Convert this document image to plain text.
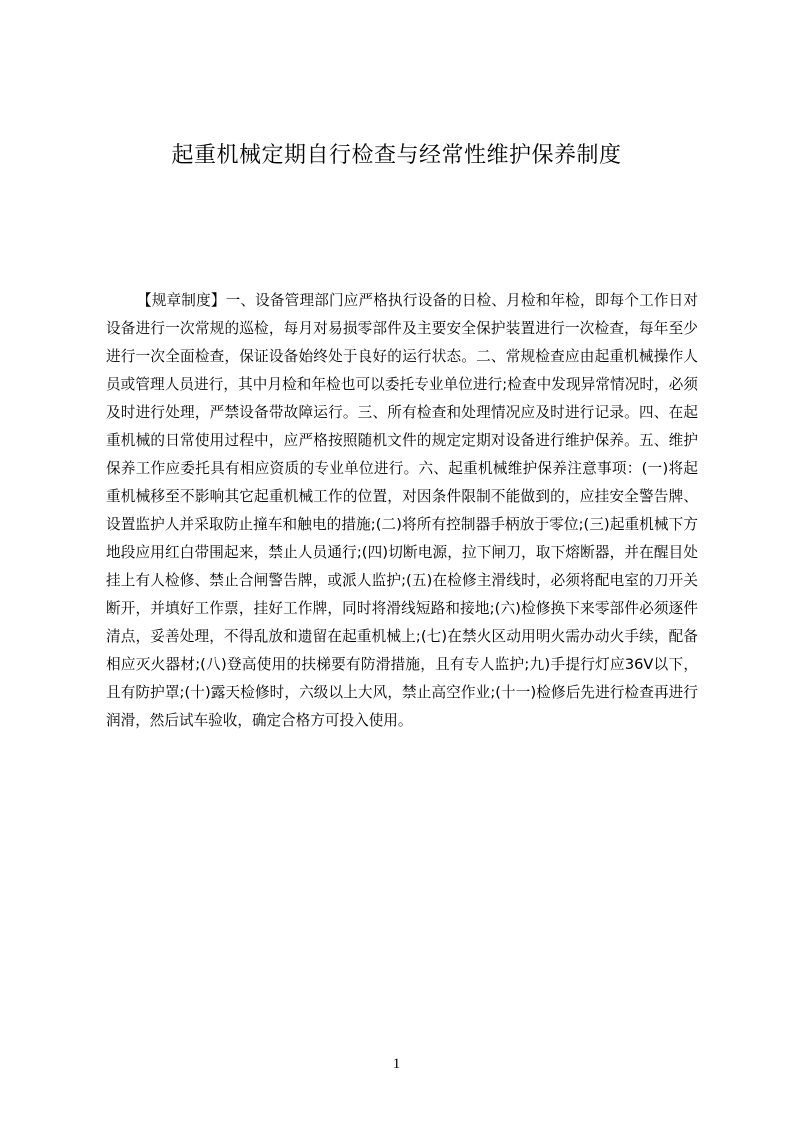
起重机械定期自行检查与经常性维护保养制度

【规章制度】一、设备管理部门应严格执行设备的日检、月检和年检，即每个工作日对设备进行一次常规的巡检，每月对易损零部件及主要安全保护装置进行一次检查，每年至少进行一次全面检查，保证设备始终处于良好的运行状态。二、常规检查应由起重机械操作人员或管理人员进行，其中月检和年检也可以委托专业单位进行;检查中发现异常情况时，必须及时进行处理，严禁设备带故障运行。三、所有检查和处理情况应及时进行记录。四、在起重机械的日常使用过程中，应严格按照随机文件的规定定期对设备进行维护保养。五、维护保养工作应委托具有相应资质的专业单位进行。六、起重机械维护保养注意事项：(一)将起重机械移至不影响其它起重机械工作的位置，对因条件限制不能做到的，应挂安全警告牌、设置监护人并采取防止撞车和触电的措施;(二)将所有控制器手柄放于零位;(三)起重机械下方地段应用红白带围起来，禁止人员通行;(四)切断电源，拉下闸刀，取下熔断器，并在醒目处挂上有人检修、禁止合闸警告牌，或派人监护;(五)在检修主滑线时，必须将配电室的刀开关断开，并填好工作票，挂好工作牌，同时将滑线短路和接地;(六)检修换下来零部件必须逐件清点，妥善处理，不得乱放和遗留在起重机械上;(七)在禁火区动用明火需办动火手续，配备相应灭火器材;(八)登高使用的扶梯要有防滑措施，且有专人监护;九)手提行灯应36V以下，且有防护罩;(十)露天检修时，六级以上大风，禁止高空作业;(十一)检修后先进行检查再进行润滑，然后试车验收，确定合格方可投入使用。

1
